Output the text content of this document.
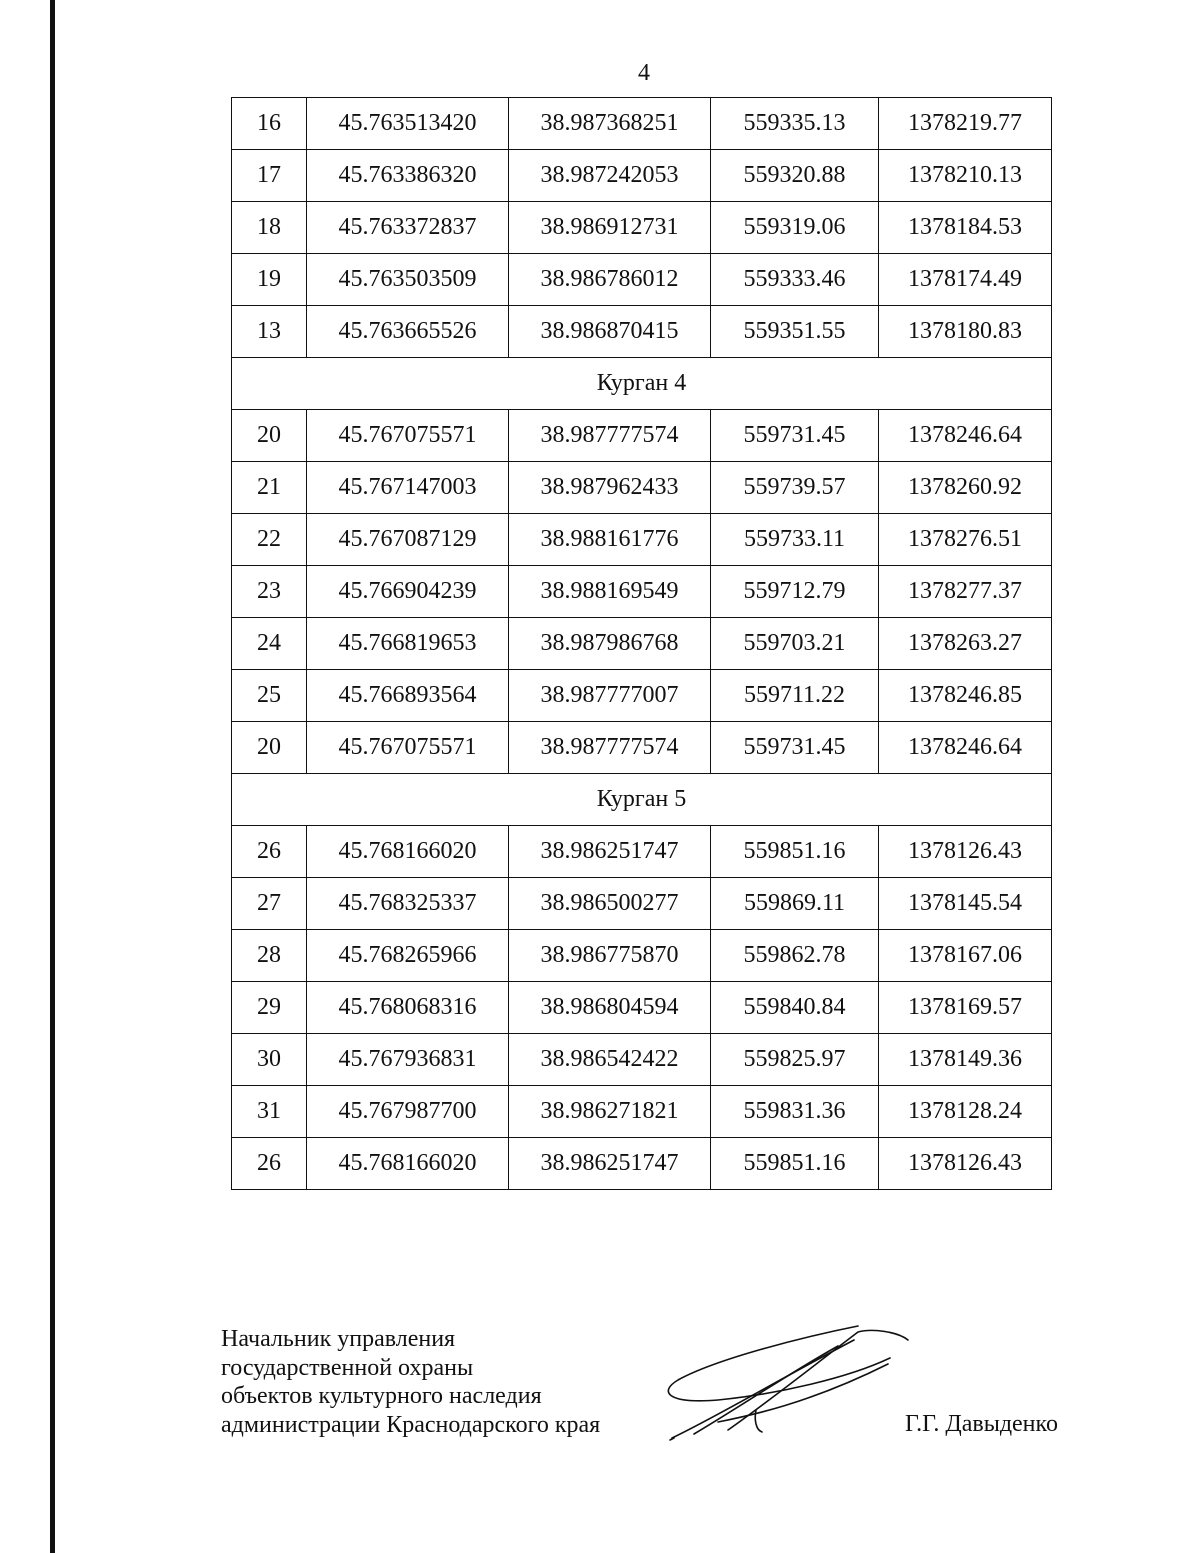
4
16	45.763513420	38.987368251	559335.13	1378219.77
17	45.763386320	38.987242053	559320.88	1378210.13
18	45.763372837	38.986912731	559319.06	1378184.53
19	45.763503509	38.986786012	559333.46	1378174.49
13	45.763665526	38.986870415	559351.55	1378180.83
Курган 4				
20	45.767075571	38.987777574	559731.45	1378246.64
21	45.767147003	38.987962433	559739.57	1378260.92
22	45.767087129	38.988161776	559733.11	1378276.51
23	45.766904239	38.988169549	559712.79	1378277.37
24	45.766819653	38.987986768	559703.21	1378263.27
25	45.766893564	38.987777007	559711.22	1378246.85
20	45.767075571	38.987777574	559731.45	1378246.64
Курган 5				
26	45.768166020	38.986251747	559851.16	1378126.43
27	45.768325337	38.986500277	559869.11	1378145.54
28	45.768265966	38.986775870	559862.78	1378167.06
29	45.768068316	38.986804594	559840.84	1378169.57
30	45.767936831	38.986542422	559825.97	1378149.36
31	45.767987700	38.986271821	559831.36	1378128.24
26	45.768166020	38.986251747	559851.16	1378126.43
Начальник управления
государственной охраны
объектов культурного наследия
администрации Краснодарского края	Г.Г. Давыденко
